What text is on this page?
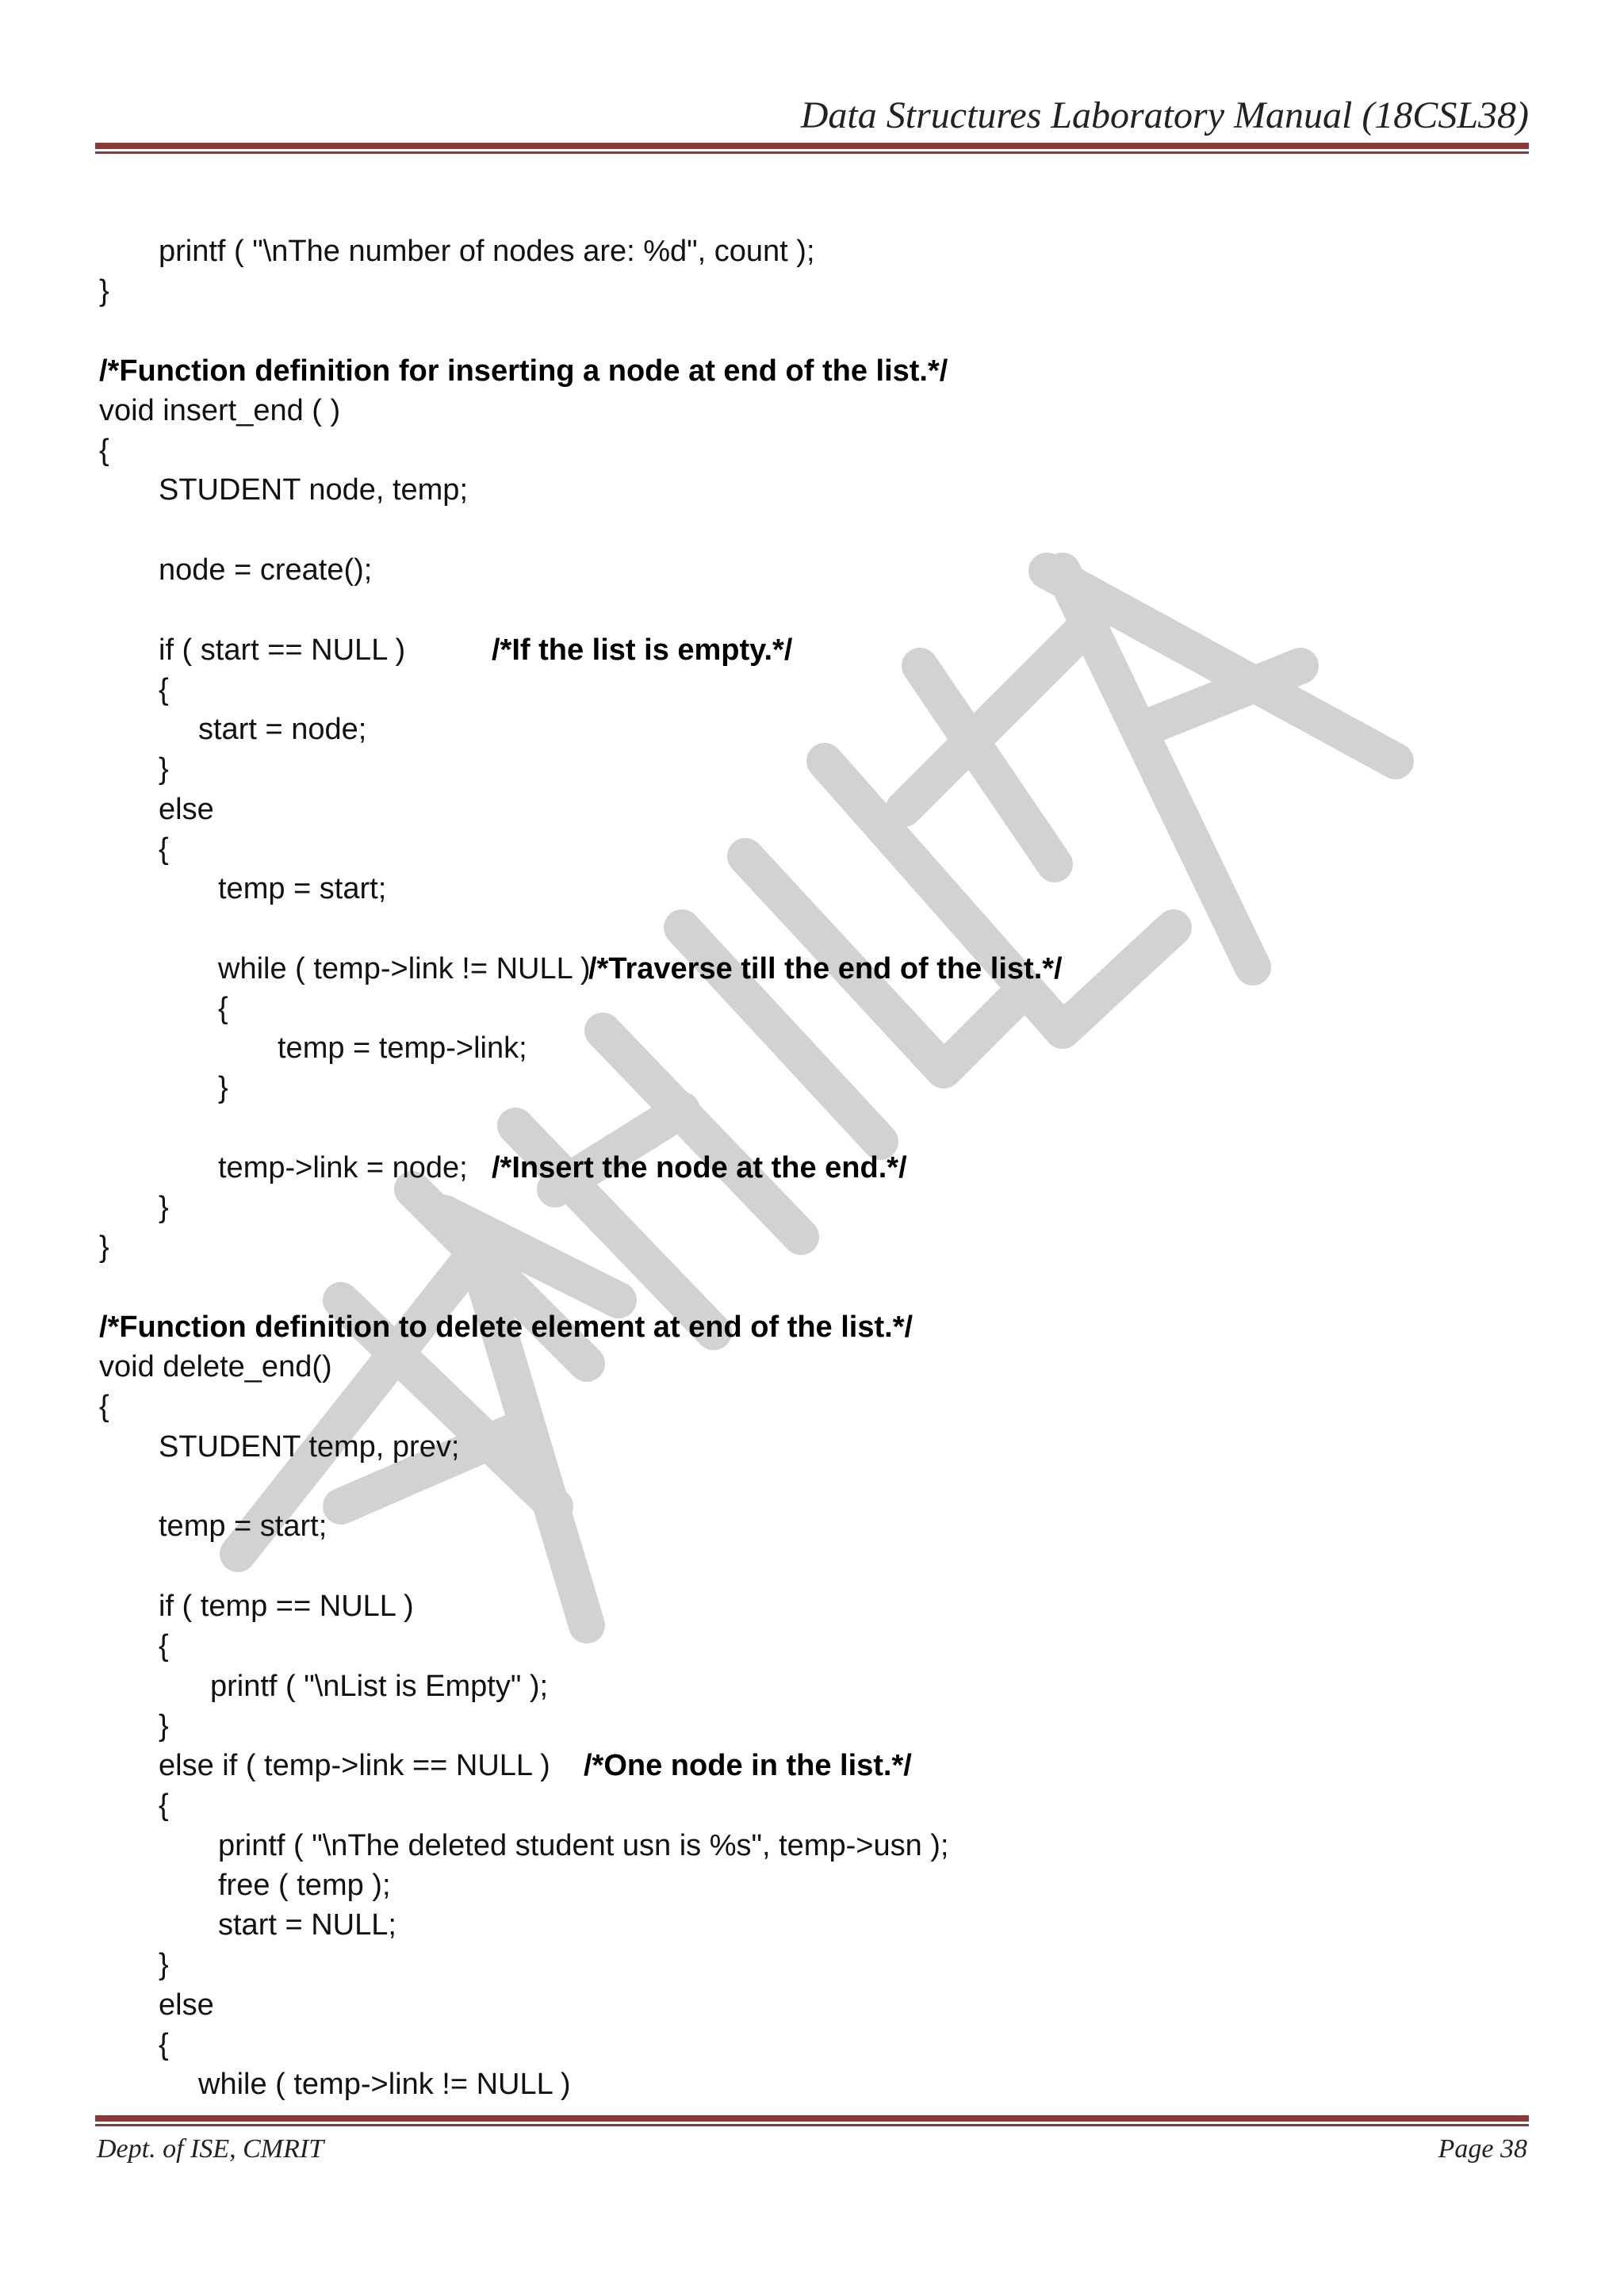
Data Structures Laboratory Manual (18CSL38)
printf ( "\nThe number of nodes are: %d", count );
}
/*Function definition for inserting a node at end of the list.*/
void insert_end ( )
{
STUDENT node, temp;
node = create();
if ( start == NULL )	/*If the list is empty.*/
{
start = node;
}
else
{
temp = start;
while ( temp->link != NULL )
/*Traverse till the end of the list.*/
{
temp = temp->link;
}
temp->link = node; /*Insert the node at the end.*/
}
}
/*Function definition to delete element at end of the list.*/
void delete_end()
{
STUDENT temp, prev;
temp = start;
if ( temp == NULL )
{
printf ( "\nList is Empty" );
}
else if ( temp->link == NULL ) /*One node in the list.*/
{
printf ( "\nThe deleted student usn is %s", temp->usn );
free ( temp );
start = NULL;
}
else
{
while ( temp->link != NULL )
Dept. of ISE, CMRIT	Page 38
